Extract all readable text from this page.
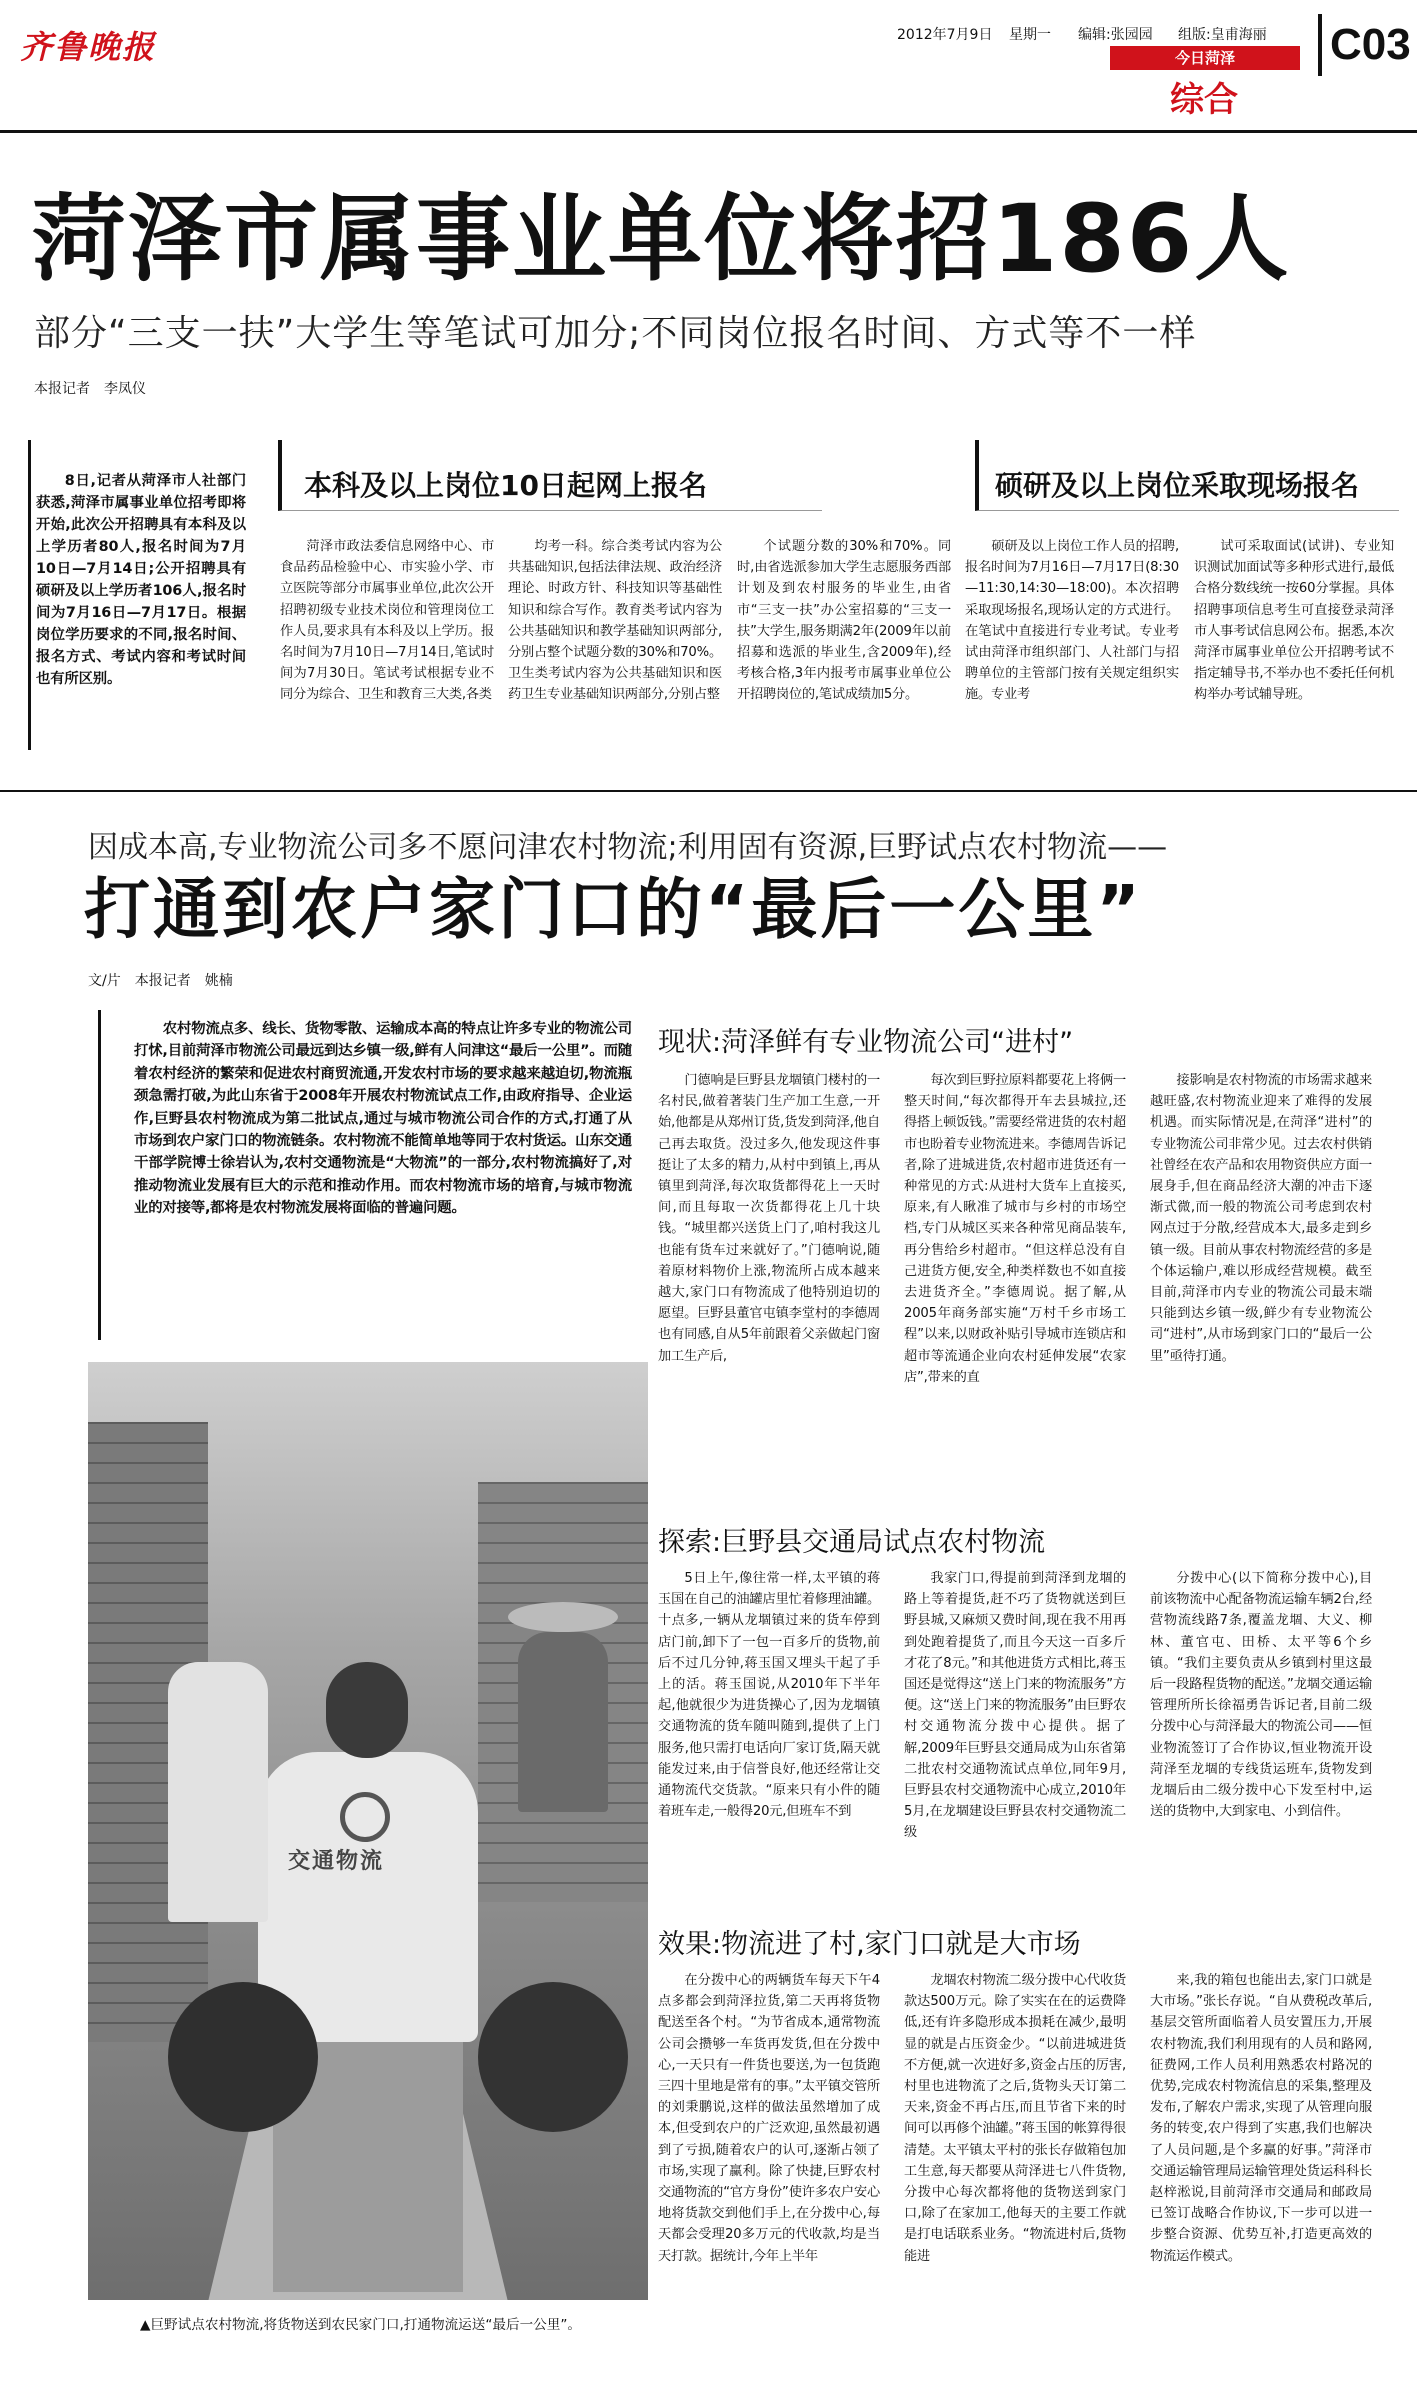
齐鲁晚报	2012年7月9日 星期一 编辑:张园园 组版:皇甫海丽
今日菏泽
综合
C03
菏泽市属事业单位将招186人
部分“三支一扶”大学生等笔试可加分;不同岗位报名时间、方式等不一样
本报记者　李凤仪
8日,记者从菏泽市人社部门获悉,菏泽市属事业单位招考即将开始,此次公开招聘具有本科及以上学历者80人,报名时间为7月10日—7月14日;公开招聘具有硕研及以上学历者106人,报名时间为7月16日—7月17日。根据岗位学历要求的不同,报名时间、报名方式、考试内容和考试时间也有所区别。
本科及以上岗位10日起网上报名	硕研及以上岗位采取现场报名
菏泽市政法委信息网络中心、市食品药品检验中心、市实验小学、市立医院等部分市属事业单位,此次公开招聘初级专业技术岗位和管理岗位工作人员,要求具有本科及以上学历。报名时间为7月10日—7月14日,笔试时间为7月30日。笔试考试根据专业不同分为综合、卫生和教育三大类,各类
均考一科。综合类考试内容为公共基础知识,包括法律法规、政治经济理论、时政方针、科技知识等基础性知识和综合写作。教育类考试内容为公共基础知识和教学基础知识两部分,分别占整个试题分数的30%和70%。卫生类考试内容为公共基础知识和医药卫生专业基础知识两部分,分别占整
个试题分数的30%和70%。同时,由省选派参加大学生志愿服务西部计划及到农村服务的毕业生,由省市“三支一扶”办公室招募的“三支一扶”大学生,服务期满2年(2009年以前招募和选派的毕业生,含2009年),经考核合格,3年内报考市属事业单位公开招聘岗位的,笔试成绩加5分。
硕研及以上岗位工作人员的招聘,报名时间为7月16日—7月17日(8:30—11:30,14:30—18:00)。本次招聘采取现场报名,现场认定的方式进行。在笔试中直接进行专业考试。专业考试由菏泽市组织部门、人社部门与招聘单位的主管部门按有关规定组织实施。专业考
试可采取面试(试讲)、专业知识测试加面试等多种形式进行,最低合格分数线统一按60分掌握。具体招聘事项信息考生可直接登录菏泽市人事考试信息网公布。据悉,本次菏泽市属事业单位公开招聘考试不指定辅导书,不举办也不委托任何机构举办考试辅导班。
因成本高,专业物流公司多不愿问津农村物流;利用固有资源,巨野试点农村物流——
打通到农户家门口的“最后一公里”
文/片　本报记者　姚楠
农村物流点多、线长、货物零散、运输成本高的特点让许多专业的物流公司打怵,目前菏泽市物流公司最远到达乡镇一级,鲜有人问津这“最后一公里”。而随着农村经济的繁荣和促进农村商贸流通,开发农村市场的要求越来越迫切,物流瓶颈急需打破,为此山东省于2008年开展农村物流试点工作,由政府指导、企业运作,巨野县农村物流成为第二批试点,通过与城市物流公司合作的方式,打通了从市场到农户家门口的物流链条。农村物流不能简单地等同于农村货运。山东交通干部学院博士徐岩认为,农村交通物流是“大物流”的一部分,农村物流搞好了,对推动物流业发展有巨大的示范和推动作用。而农村物流市场的培育,与城市物流业的对接等,都将是农村物流发展将面临的普遍问题。
交通物流
▲巨野试点农村物流,将货物送到农民家门口,打通物流运送“最后一公里”。
现状:菏泽鲜有专业物流公司“进村”
门德响是巨野县龙堌镇门楼村的一名村民,做着著装门生产加工生意,一开始,他都是从郑州订货,货发到菏泽,他自己再去取货。没过多久,他发现这件事挺让了太多的精力,从村中到镇上,再从镇里到菏泽,每次取货都得花上一天时间,而且每取一次货都得花上几十块钱。“城里都兴送货上门了,咱村我这儿也能有货车过来就好了。”门德响说,随着原材料物价上涨,物流所占成本越来越大,家门口有物流成了他特别迫切的愿望。巨野县董官屯镇李堂村的李德周也有同感,自从5年前跟着父亲做起门窗加工生产后,
每次到巨野拉原料都要花上将俩一整天时间,“每次都得开车去县城拉,还得搭上顿饭钱。”需要经常进货的农村超市也盼着专业物流进来。李德周告诉记者,除了进城进货,农村超市进货还有一种常见的方式:从进村大货车上直接买,原来,有人瞅准了城市与乡村的市场空档,专门从城区买来各种常见商品装车,再分售给乡村超市。“但这样总没有自己进货方便,安全,种类样数也不如直接去进货齐全。”李德周说。据了解,从2005年商务部实施“万村千乡市场工程”以来,以财政补贴引导城市连锁店和超市等流通企业向农村延伸发展“农家店”,带来的直
接影响是农村物流的市场需求越来越旺盛,农村物流业迎来了难得的发展机遇。而实际情况是,在菏泽“进村”的专业物流公司非常少见。过去农村供销社曾经在农产品和农用物资供应方面一展身手,但在商品经济大潮的冲击下逐渐式微,而一般的物流公司考虑到农村网点过于分散,经营成本大,最多走到乡镇一级。目前从事农村物流经营的多是个体运输户,难以形成经营规模。截至目前,菏泽市内专业的物流公司最末端只能到达乡镇一级,鲜少有专业物流公司“进村”,从市场到家门口的“最后一公里”亟待打通。
探索:巨野县交通局试点农村物流
5日上午,像往常一样,太平镇的蒋玉国在自己的油罐店里忙着修理油罐。十点多,一辆从龙堌镇过来的货车停到店门前,卸下了一包一百多斤的货物,前后不过几分钟,蒋玉国又埋头干起了手上的活。蒋玉国说,从2010年下半年起,他就很少为进货操心了,因为龙堌镇交通物流的货车随叫随到,提供了上门服务,他只需打电话向厂家订货,隔天就能发过来,由于信誉良好,他还经常让交通物流代交货款。“原来只有小件的随着班车走,一般得20元,但班车不到
我家门口,得提前到菏泽到龙堌的路上等着提货,赶不巧了货物就送到巨野县城,又麻烦又费时间,现在我不用再到处跑着提货了,而且今天这一百多斤才花了8元。”和其他进货方式相比,蒋玉国还是觉得这“送上门来的物流服务”方便。这“送上门来的物流服务”由巨野农村交通物流分拨中心提供。据了解,2009年巨野县交通局成为山东省第二批农村交通物流试点单位,同年9月,巨野县农村交通物流中心成立,2010年5月,在龙堌建设巨野县农村交通物流二级
分拨中心(以下简称分拨中心),目前该物流中心配备物流运输车辆2台,经营物流线路7条,覆盖龙堌、大义、柳林、董官屯、田桥、太平等6个乡镇。“我们主要负责从乡镇到村里这最后一段路程货物的配送。”龙堌交通运输管理所所长徐福勇告诉记者,目前二级分拨中心与菏泽最大的物流公司——恒业物流签订了合作协议,恒业物流开设菏泽至龙堌的专线货运班车,货物发到龙堌后由二级分拨中心下发至村中,运送的货物中,大到家电、小到信件。
效果:物流进了村,家门口就是大市场
在分拨中心的两辆货车每天下午4点多都会到菏泽拉货,第二天再将货物配送至各个村。“为节省成本,通常物流公司会攒够一车货再发货,但在分拨中心,一天只有一件货也要送,为一包货跑三四十里地是常有的事。”太平镇交管所的刘秉鹏说,这样的做法虽然增加了成本,但受到农户的广泛欢迎,虽然最初遇到了亏损,随着农户的认可,逐渐占领了市场,实现了赢利。除了快捷,巨野农村交通物流的“官方身份”使许多农户安心地将货款交到他们手上,在分拨中心,每天都会受理20多万元的代收款,均是当天打款。据统计,今年上半年
龙堌农村物流二级分拨中心代收货款达500万元。除了实实在在的运费降低,还有许多隐形成本损耗在减少,最明显的就是占压资金少。“以前进城进货不方便,就一次进好多,资金占压的厉害,村里也进物流了之后,货物头天订第二天来,资金不再占压,而且节省下来的时间可以再修个油罐。”蒋玉国的帐算得很清楚。太平镇太平村的张长存做箱包加工生意,每天都要从菏泽进七八件货物,分拨中心每次都将他的货物送到家门口,除了在家加工,他每天的主要工作就是打电话联系业务。“物流进村后,货物能进
来,我的箱包也能出去,家门口就是大市场。”张长存说。“自从费税改革后,基层交管所面临着人员安置压力,开展农村物流,我们利用现有的人员和路网,征费网,工作人员利用熟悉农村路况的优势,完成农村物流信息的采集,整理及发布,了解农户需求,实现了从管理向服务的转变,农户得到了实惠,我们也解决了人员问题,是个多赢的好事。”菏泽市交通运输管理局运输管理处货运科科长赵梓淞说,目前菏泽市交通局和邮政局已签订战略合作协议,下一步可以进一步整合资源、优势互补,打造更高效的物流运作模式。
